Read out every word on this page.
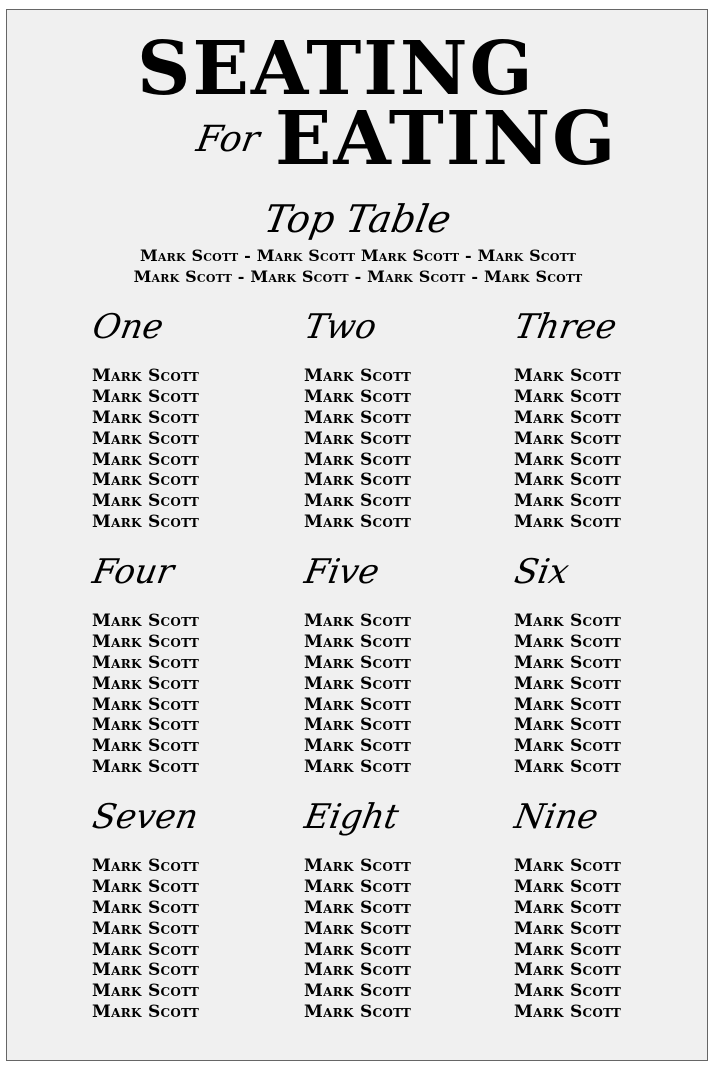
SEATING
For EATING
Top Table
Mark Scott - Mark Scott Mark Scott - Mark Scott
Mark Scott - Mark Scott - Mark Scott - Mark Scott
One
Mark Scott
Mark Scott
Mark Scott
Mark Scott
Mark Scott
Mark Scott
Mark Scott
Mark Scott
Two
Mark Scott
Mark Scott
Mark Scott
Mark Scott
Mark Scott
Mark Scott
Mark Scott
Mark Scott
Three
Mark Scott
Mark Scott
Mark Scott
Mark Scott
Mark Scott
Mark Scott
Mark Scott
Mark Scott
Four
Mark Scott
Mark Scott
Mark Scott
Mark Scott
Mark Scott
Mark Scott
Mark Scott
Mark Scott
Five
Mark Scott
Mark Scott
Mark Scott
Mark Scott
Mark Scott
Mark Scott
Mark Scott
Mark Scott
Six
Mark Scott
Mark Scott
Mark Scott
Mark Scott
Mark Scott
Mark Scott
Mark Scott
Mark Scott
Seven
Mark Scott
Mark Scott
Mark Scott
Mark Scott
Mark Scott
Mark Scott
Mark Scott
Mark Scott
Eight
Mark Scott
Mark Scott
Mark Scott
Mark Scott
Mark Scott
Mark Scott
Mark Scott
Mark Scott
Nine
Mark Scott
Mark Scott
Mark Scott
Mark Scott
Mark Scott
Mark Scott
Mark Scott
Mark Scott
